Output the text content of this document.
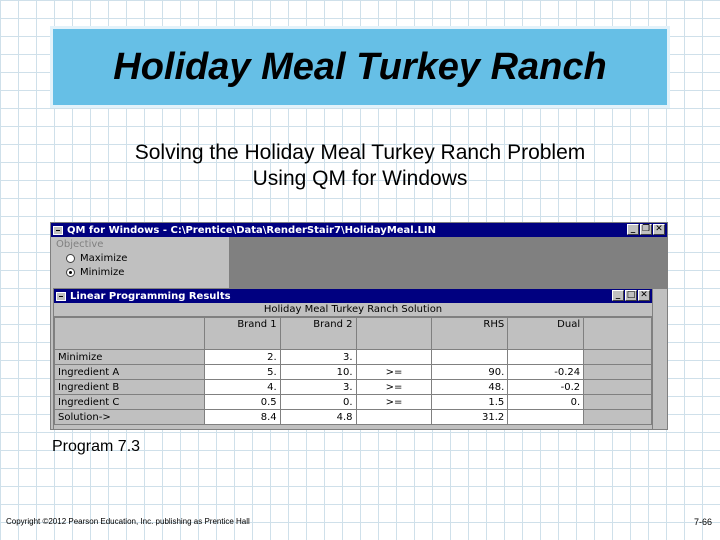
Holiday Meal Turkey Ranch
Solving the Holiday Meal Turkey Ranch Problem
Using QM for Windows
QM for Windows - C:\Prentice\Data\RenderStair7\HolidayMeal.LIN	_ ❐ ✕
Objective
Maximize
Minimize
Linear Programming Results	_ □ ✕
Holiday Meal Turkey Ranch Solution
	Brand 1	Brand 2		RHS	Dual	
Minimize	2.	3.				
Ingredient A	5.	10.	>=	90.	-0.24	
Ingredient B	4.	3.	>=	48.	-0.2	
Ingredient C	0.5	0.	>=	1.5	0.	
Solution->	8.4	4.8		31.2		
Program 7.3
Copyright ©2012 Pearson Education, Inc. publishing as Prentice Hall	7-66
